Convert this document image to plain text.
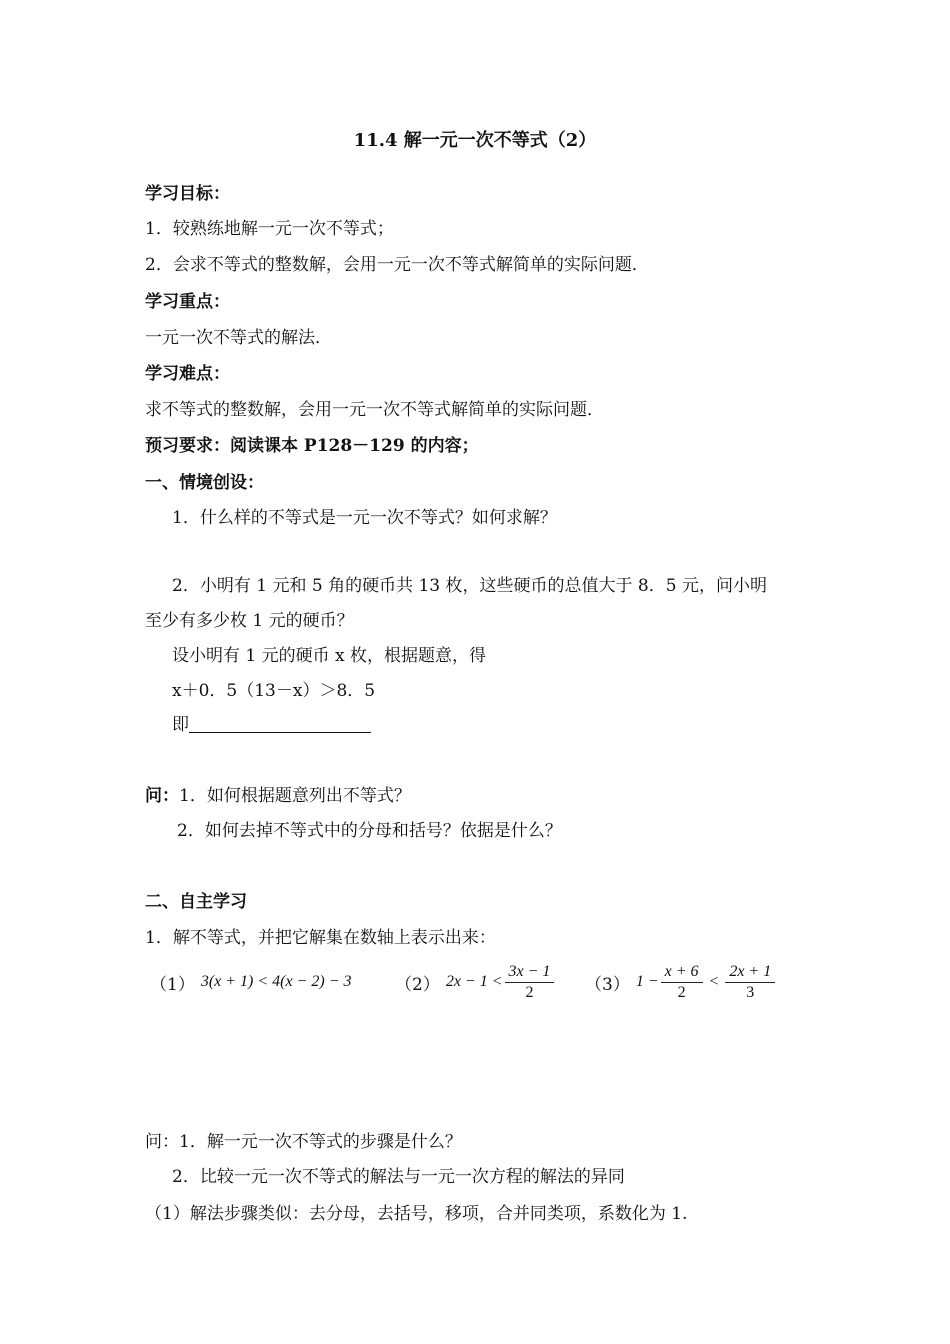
11.4 解一元一次不等式（2）
学习目标：
1．较熟练地解一元一次不等式；
2．会求不等式的整数解，会用一元一次不等式解简单的实际问题．
学习重点：
一元一次不等式的解法．
学习难点：
求不等式的整数解，会用一元一次不等式解简单的实际问题．
预习要求：阅读课本 P128－129 的内容；
一、情境创设：
1．什么样的不等式是一元一次不等式？如何求解？
2．小明有 1 元和 5 角的硬币共 13 枚，这些硬币的总值大于 8．5 元，问小明
至少有多少枚 1 元的硬币？
设小明有 1 元的硬币 x 枚，根据题意，得
x＋0．5（13－x）＞8．5
即
问：1．如何根据题意列出不等式？
2．如何去掉不等式中的分母和括号？依据是什么？
二、自主学习
1．解不等式，并把它解集在数轴上表示出来：
（1） 3(x + 1) < 4(x − 2) − 3	（2） $2x - 1 < \frac{3x - 1}{2} (3) 1 - \frac{x + 6}{2} < \frac{2x + 1}{3}$
问：1．解一元一次不等式的步骤是什么？
2．比较一元一次不等式的解法与一元一次方程的解法的异同
（1）解法步骤类似：去分母，去括号，移项，合并同类项，系数化为 1.
